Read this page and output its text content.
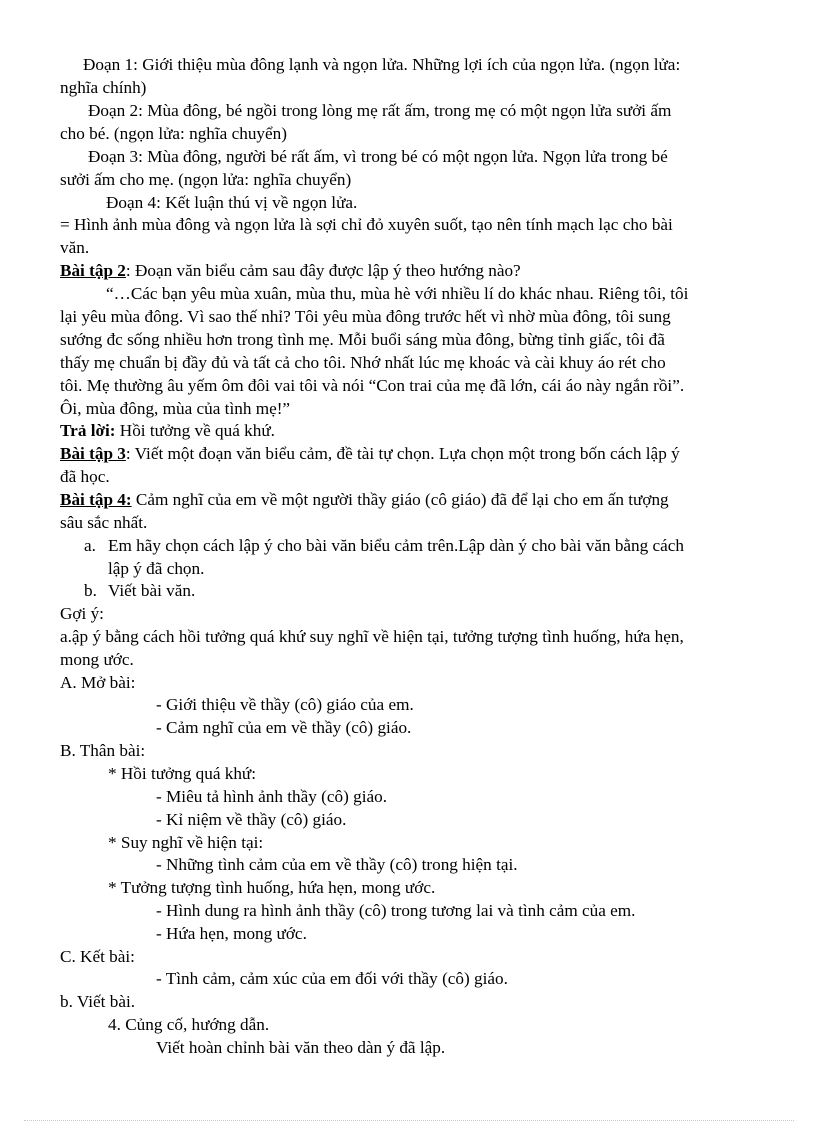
Đoạn 1: Giới thiệu mùa đông lạnh và ngọn lửa. Những lợi ích của ngọn lửa. (ngọn lửa:
nghĩa chính)
Đoạn 2: Mùa đông, bé ngồi trong lòng mẹ rất ấm, trong mẹ có một ngọn lửa sưởi ấm
cho bé. (ngọn lửa: nghĩa chuyển)
Đoạn 3: Mùa đông, người bé rất ấm, vì trong bé có một ngọn lửa. Ngọn lửa trong bé
sưởi ấm cho mẹ. (ngọn lửa: nghĩa chuyển)
Đoạn 4: Kết luận thú vị về ngọn lửa.
= Hình ảnh mùa đông và ngọn lửa là sợi chỉ đỏ xuyên suốt, tạo nên tính mạch lạc cho bài
văn.
Bài tập 2: Đoạn văn biểu cảm sau đây được lập ý theo hướng nào?
“…Các bạn yêu mùa xuân, mùa thu, mùa hè với nhiều lí do khác nhau. Riêng tôi, tôi
lại yêu mùa đông. Vì sao thế nhỉ? Tôi yêu mùa đông trước hết vì nhờ mùa đông, tôi sung
sướng đc sống nhiều hơn trong tình mẹ. Mỗi buổi sáng mùa đông, bừng tỉnh giấc, tôi đã
thấy mẹ chuẩn bị đầy đủ và tất cả cho tôi. Nhớ nhất lúc mẹ khoác và cài khuy áo rét cho
tôi. Mẹ thường âu yếm ôm đôi vai tôi và nói “Con trai của mẹ đã lớn, cái áo này ngắn rồi”.
Ôi, mùa đông, mùa của tình mẹ!”
Trả lời: Hồi tưởng về quá khứ.
Bài tập 3: Viết một đoạn văn biểu cảm, đề tài tự chọn. Lựa chọn một trong bốn cách lập ý
đã học.
Bài tập 4: Cảm nghĩ của em về một người thầy giáo (cô giáo) đã để lại cho em ấn tượng
sâu sắc nhất.
a. Em hãy chọn cách lập ý cho bài văn biểu cảm trên.Lập dàn ý cho bài văn bằng cách
lập ý đã chọn.
b. Viết bài văn.
Gợi ý:
a.ập ý bằng cách hồi tưởng quá khứ suy nghĩ về hiện tại, tưởng tượng tình huống, hứa hẹn,
mong ước.
A. Mở bài:
- Giới thiệu về thầy (cô) giáo của em.
- Cảm nghĩ của em về thầy (cô) giáo.
B. Thân bài:
* Hồi tưởng quá khứ:
- Miêu tả hình ảnh thầy (cô) giáo.
- Kỉ niệm về thầy (cô) giáo.
* Suy nghĩ về hiện tại:
- Những tình cảm của em về thầy (cô) trong hiện tại.
* Tưởng tượng tình huống, hứa hẹn, mong ước.
- Hình dung ra hình ảnh thầy (cô) trong tương lai và tình cảm của em.
- Hứa hẹn, mong ước.
C. Kết bài:
- Tình cảm, cảm xúc của em đối với thầy (cô) giáo.
b. Viết bài.
4. Củng cố, hướng dẫn.
Viết hoàn chỉnh bài văn theo dàn ý đã lập.
